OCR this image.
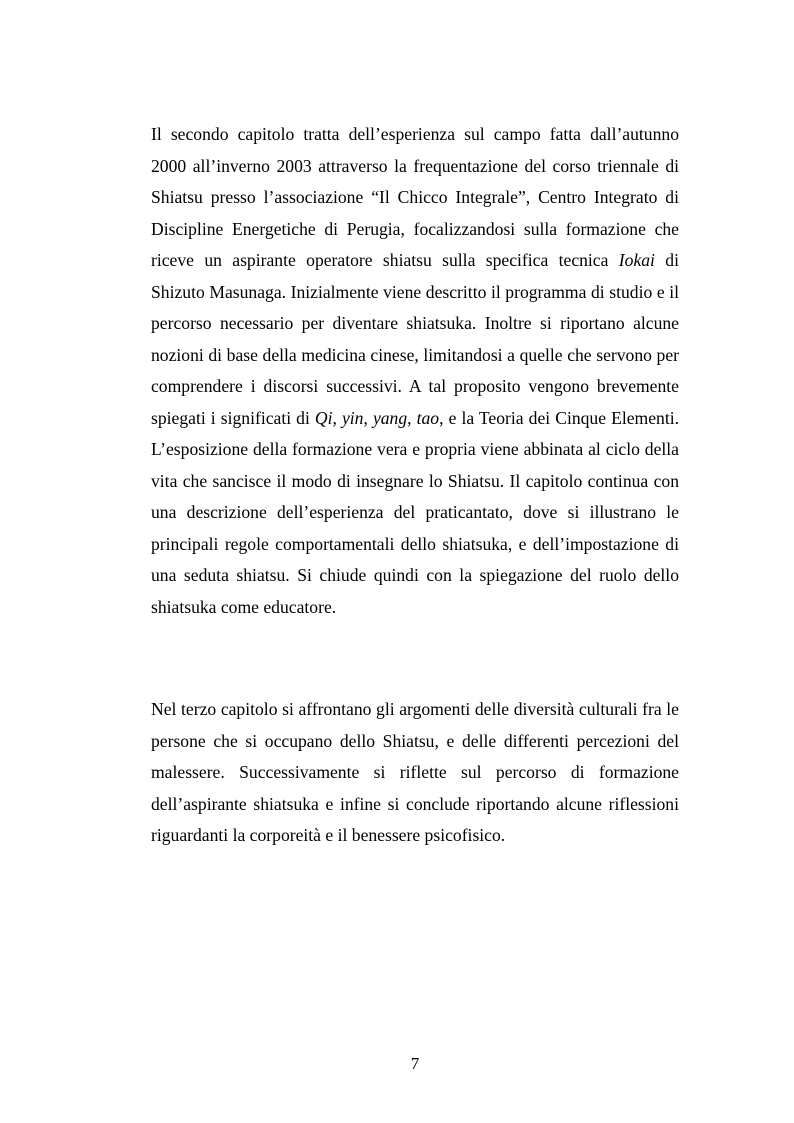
Il secondo capitolo tratta dell’esperienza sul campo fatta dall’autunno 2000 all’inverno 2003 attraverso la frequentazione del corso triennale di Shiatsu presso l’associazione “Il Chicco Integrale”, Centro Integrato di Discipline Energetiche di Perugia, focalizzandosi sulla formazione che riceve un aspirante operatore shiatsu sulla specifica tecnica Iokai di Shizuto Masunaga. Inizialmente viene descritto il programma di studio e il percorso necessario per diventare shiatsuka. Inoltre si riportano alcune nozioni di base della medicina cinese, limitandosi a quelle che servono per comprendere i discorsi successivi. A tal proposito vengono brevemente spiegati i significati di Qi, yin, yang, tao, e la Teoria dei Cinque Elementi. L’esposizione della formazione vera e propria viene abbinata al ciclo della vita che sancisce il modo di insegnare lo Shiatsu. Il capitolo continua con una descrizione dell’esperienza del praticantato, dove si illustrano le principali regole comportamentali dello shiatsuka, e dell’impostazione di una seduta shiatsu. Si chiude quindi con la spiegazione del ruolo dello shiatsuka come educatore.

Nel terzo capitolo si affrontano gli argomenti delle diversità culturali fra le persone che si occupano dello Shiatsu, e delle differenti percezioni del malessere. Successivamente si riflette sul percorso di formazione dell’aspirante shiatsuka e infine si conclude riportando alcune riflessioni riguardanti la corporeità e il benessere psicofisico.

7
